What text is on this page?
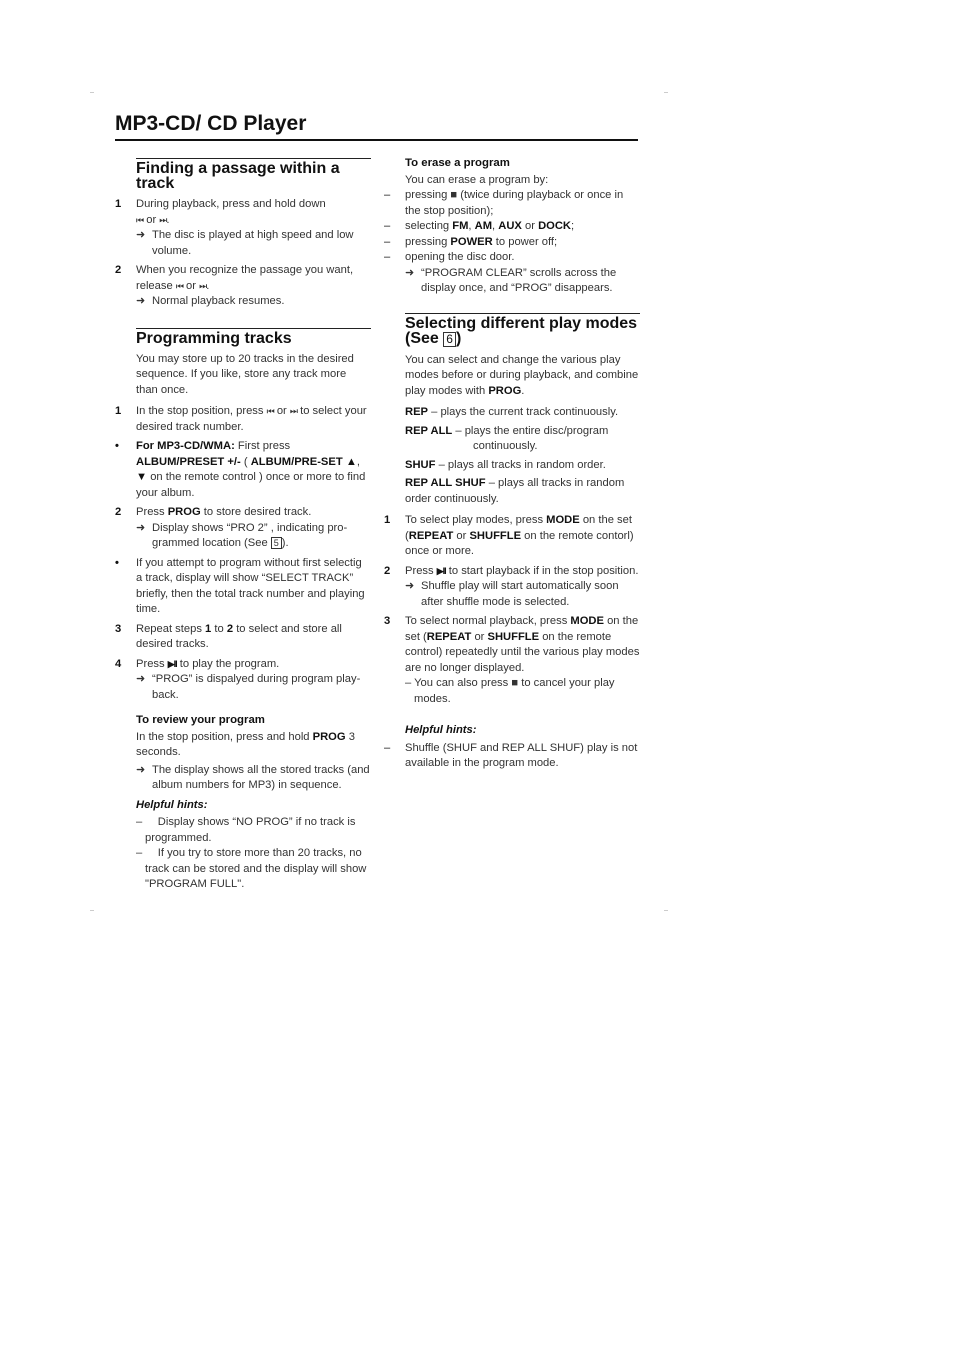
MP3-CD/ CD Player
Finding a passage within a track
1 During playback, press and hold down
⏮ or ⏭.
➜ The disc is played at high speed and low volume.
2 When you recognize the passage you want, release ⏮ or ⏭.
➜ Normal playback resumes.
Programming tracks
You may store up to 20 tracks in the desired sequence. If you like, store any track more than once.
1 In the stop position, press ⏮ or ⏭ to select your desired track number.
• For MP3-CD/WMA: First press ALBUM/PRESET +/- ( ALBUM/PRE-SET ▲, ▼ on the remote control ) once or more to find your album.
2 Press PROG to store desired track.
➜ Display shows “PRO 2” , indicating pro-grammed location (See 5 ).
• If you attempt to program without first selectig a track, display will show “SELECT TRACK” briefly, then the total track number and playing time.
3 Repeat steps 1 to 2 to select and store all desired tracks.
4 Press ▶II to play the program.
➜ “PROG” is dispalyed during program play-back.
To review your program
In the stop position, press and hold PROG 3 seconds.
➜ The display shows all the stored tracks (and album numbers for MP3) in sequence.
Helpful hints:
–     Display shows “NO PROG” if no track is programmed.
–     If you try to store more than 20 tracks, no track can be stored and the display will show "PROGRAM FULL".
To erase a program
You can erase a program by:
– pressing ■ (twice during playback or once in the stop position);
– selecting FM, AM, AUX or DOCK;
– pressing POWER to power off;
– opening the disc door.
➜ “PROGRAM CLEAR” scrolls across the display once, and “PROG” disappears.
Selecting different play modes (See 6 )
You can select and change the various play modes before or during playback, and combine play modes with PROG.
REP – plays the current track continuously.
REP ALL – plays the entire disc/program continuously.
SHUF – plays all tracks in random order.
REP ALL SHUF – plays all tracks in random order continuously.
1 To select play modes, press MODE on the set (REPEAT or SHUFFLE on the remote contorl) once or more.
2 Press ▶II to start playback if in the stop position.
➜ Shuffle play will start automatically soon after shuffle mode is selected.
3 To select normal playback, press MODE on the set (REPEAT or SHUFFLE on the remote control) repeatedly until the various play modes are no longer displayed.
– You can also press ■ to cancel your play modes.
Helpful hints:
– Shuffle (SHUF and REP ALL SHUF) play is not available in the program mode.
